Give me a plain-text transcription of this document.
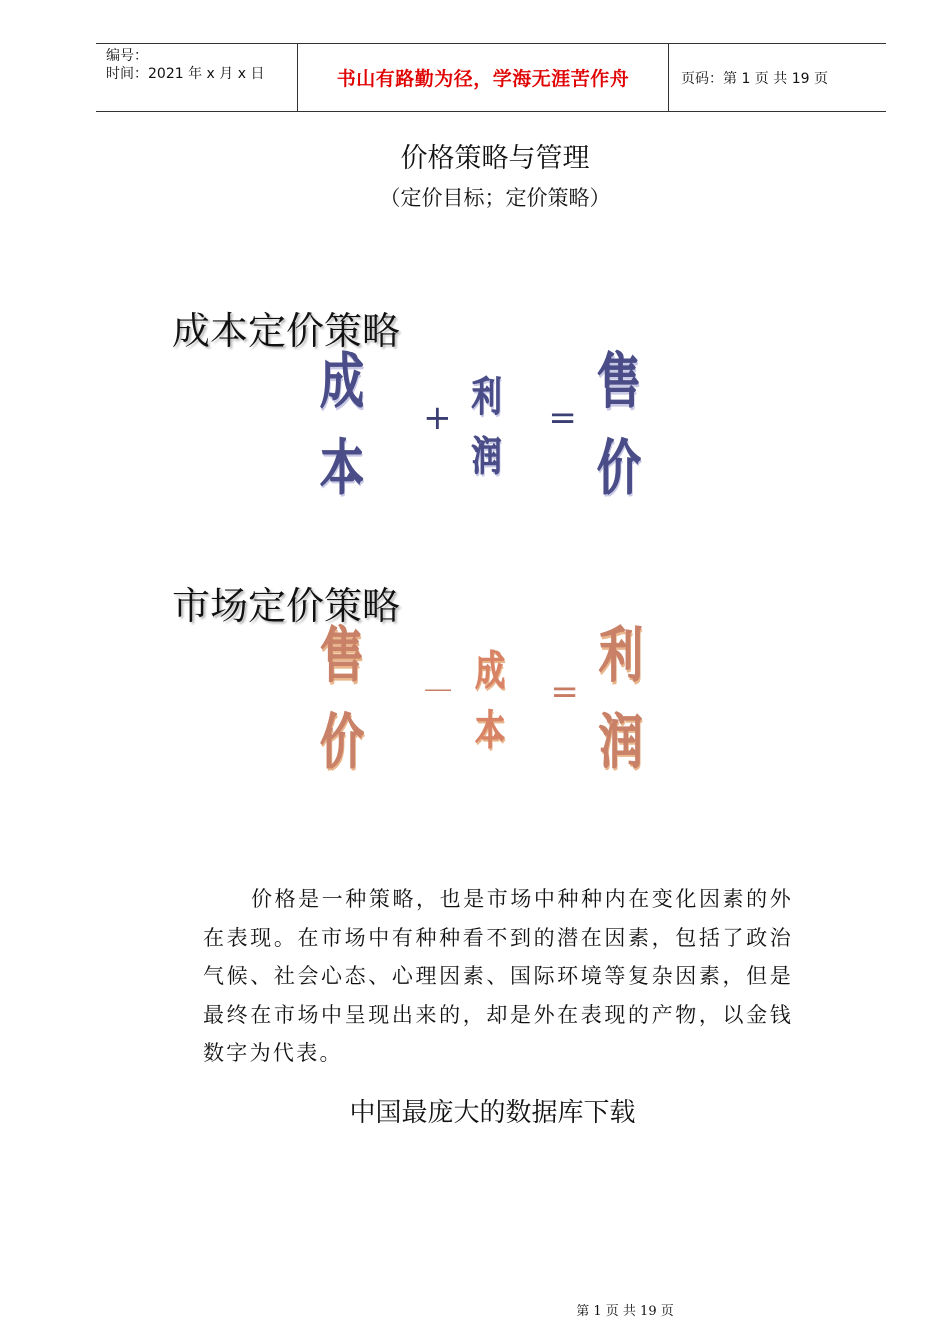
编号：
时间：2021 年 x 月 x 日	书山有路勤为径，学海无涯苦作舟	页码：第 1 页 共 19 页
价格策略与管理
（定价目标；定价策略）
成本定价策略
成本
+ 利润
=
售价
市场定价策略
售价
－ 成本
=
利润
价格是一种策略，也是市场中种种内在变化因素的外在表现。在市场中有种种看不到的潜在因素，包括了政治气候、社会心态、心理因素、国际环境等复杂因素，但是最终在市场中呈现出来的，却是外在表现的产物，以金钱数字为代表。
中国最庞大的数据库下载
第 1 页 共 19 页
